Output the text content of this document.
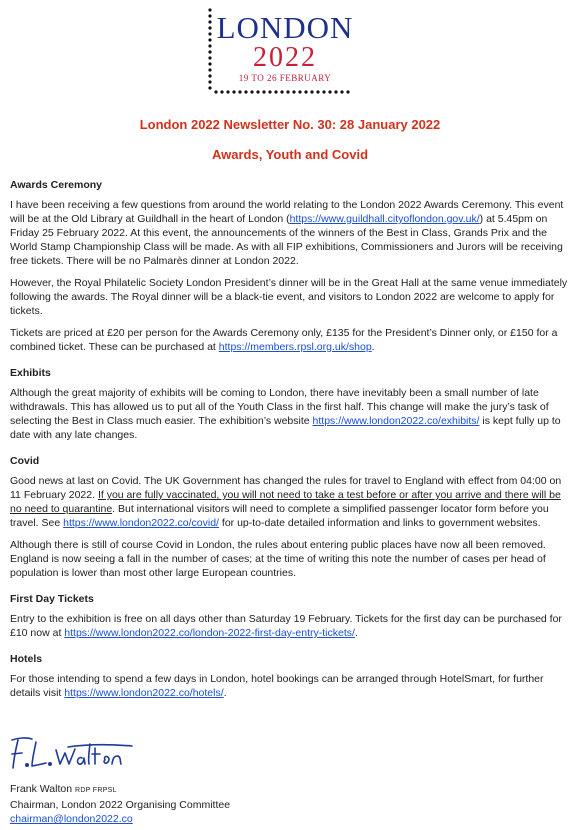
LONDON
2022
19 TO 26 FEBRUARY
London 2022 Newsletter No. 30: 28 January 2022
Awards, Youth and Covid
Awards Ceremony

I have been receiving a few questions from around the world relating to the London 2022 Awards Ceremony. This event will be at the Old Library at Guildhall in the heart of London (https://www.guildhall.cityoflondon.gov.uk/) at 5.45pm on Friday 25 February 2022. At this event, the announcements of the winners of the Best in Class, Grands Prix and the World Stamp Championship Class will be made. As with all FIP exhibitions, Commissioners and Jurors will be receiving free tickets. There will be no Palmarès dinner at London 2022.

However, the Royal Philatelic Society London President’s dinner will be in the Great Hall at the same venue immediately following the awards. The Royal dinner will be a black-tie event, and visitors to London 2022 are welcome to apply for tickets.

Tickets are priced at £20 per person for the Awards Ceremony only, £135 for the President’s Dinner only, or £150 for a combined ticket. These can be purchased at https://members.rpsl.org.uk/shop.

Exhibits

Although the great majority of exhibits will be coming to London, there have inevitably been a small number of late withdrawals. This has allowed us to put all of the Youth Class in the first half. This change will make the jury’s task of selecting the Best in Class much easier. The exhibition’s website https://www.london2022.co/exhibits/ is kept fully up to date with any late changes.

Covid

Good news at last on Covid. The UK Government has changed the rules for travel to England with effect from 04:00 on 11 February 2022. If you are fully vaccinated, you will not need to take a test before or after you arrive and there will be no need to quarantine. But international visitors will need to complete a simplified passenger locator form before you travel. See https://www.london2022.co/covid/ for up-to-date detailed information and links to government websites.

Although there is still of course Covid in London, the rules about entering public places have now all been removed. England is now seeing a fall in the number of cases; at the time of writing this note the number of cases per head of population is lower than most other large European countries.

First Day Tickets

Entry to the exhibition is free on all days other than Saturday 19 February. Tickets for the first day can be purchased for £10 now at https://www.london2022.co/london-2022-first-day-entry-tickets/.

Hotels

For those intending to spend a few days in London, hotel bookings can be arranged through HotelSmart, for further details visit https://www.london2022.co/hotels/.

Frank Walton RDP FRPSL
Chairman, London 2022 Organising Committee
chairman@london2022.co
